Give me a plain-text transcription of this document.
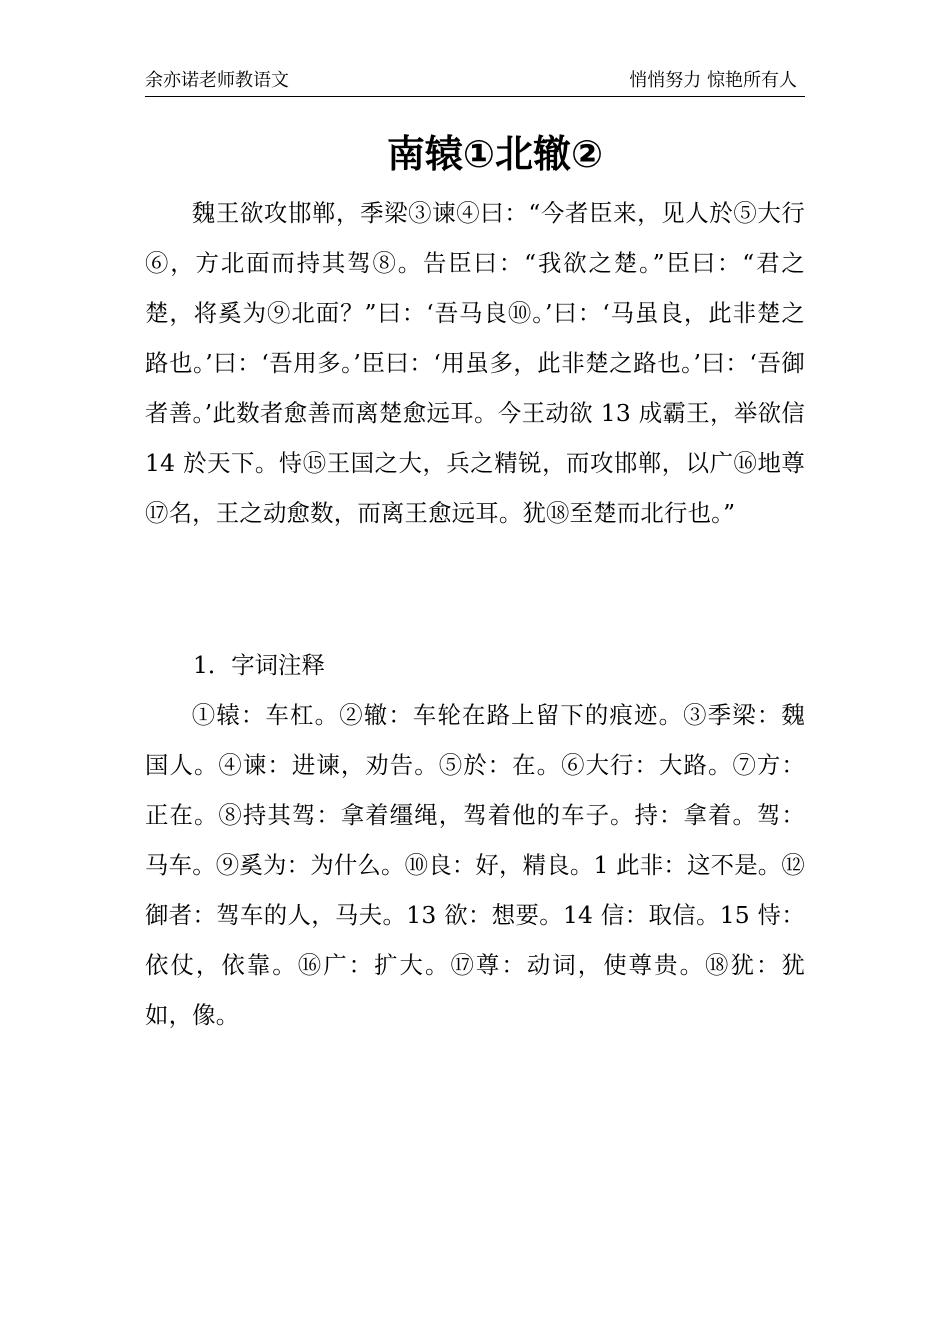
余亦诺老师教语文	悄悄努力 惊艳所有人
南辕①北辙②

魏王欲攻邯郸，季梁③谏④曰：“今者臣来，见人於⑤大行⑥，方北面而持其驾⑧。告臣曰：“我欲之楚。”臣曰：“君之楚，将奚为⑨北面？”曰：‘吾马良⑩。’曰：‘马虽良，此非楚之路也。’曰：‘吾用多。’臣曰：‘用虽多，此非楚之路也。’曰：‘吾御者善。’此数者愈善而离楚愈远耳。今王动欲 13 成霸王，举欲信 14 於天下。恃⑮王国之大，兵之精锐，而攻邯郸，以广⑯地尊⑰名，王之动愈数，而离王愈远耳。犹⑱至楚而北行也。”

1．字词注释

①辕：车杠。②辙：车轮在路上留下的痕迹。③季梁：魏国人。④谏：进谏，劝告。⑤於：在。⑥大行：大路。⑦方：正在。⑧持其驾：拿着缰绳，驾着他的车子。持：拿着。驾：马车。⑨奚为：为什么。⑩良：好，精良。1 此非：这不是。⑫御者：驾车的人，马夫。13 欲：想要。14 信：取信。15 恃：依仗，依靠。⑯广：扩大。⑰尊：动词，使尊贵。⑱犹：犹如，像。
